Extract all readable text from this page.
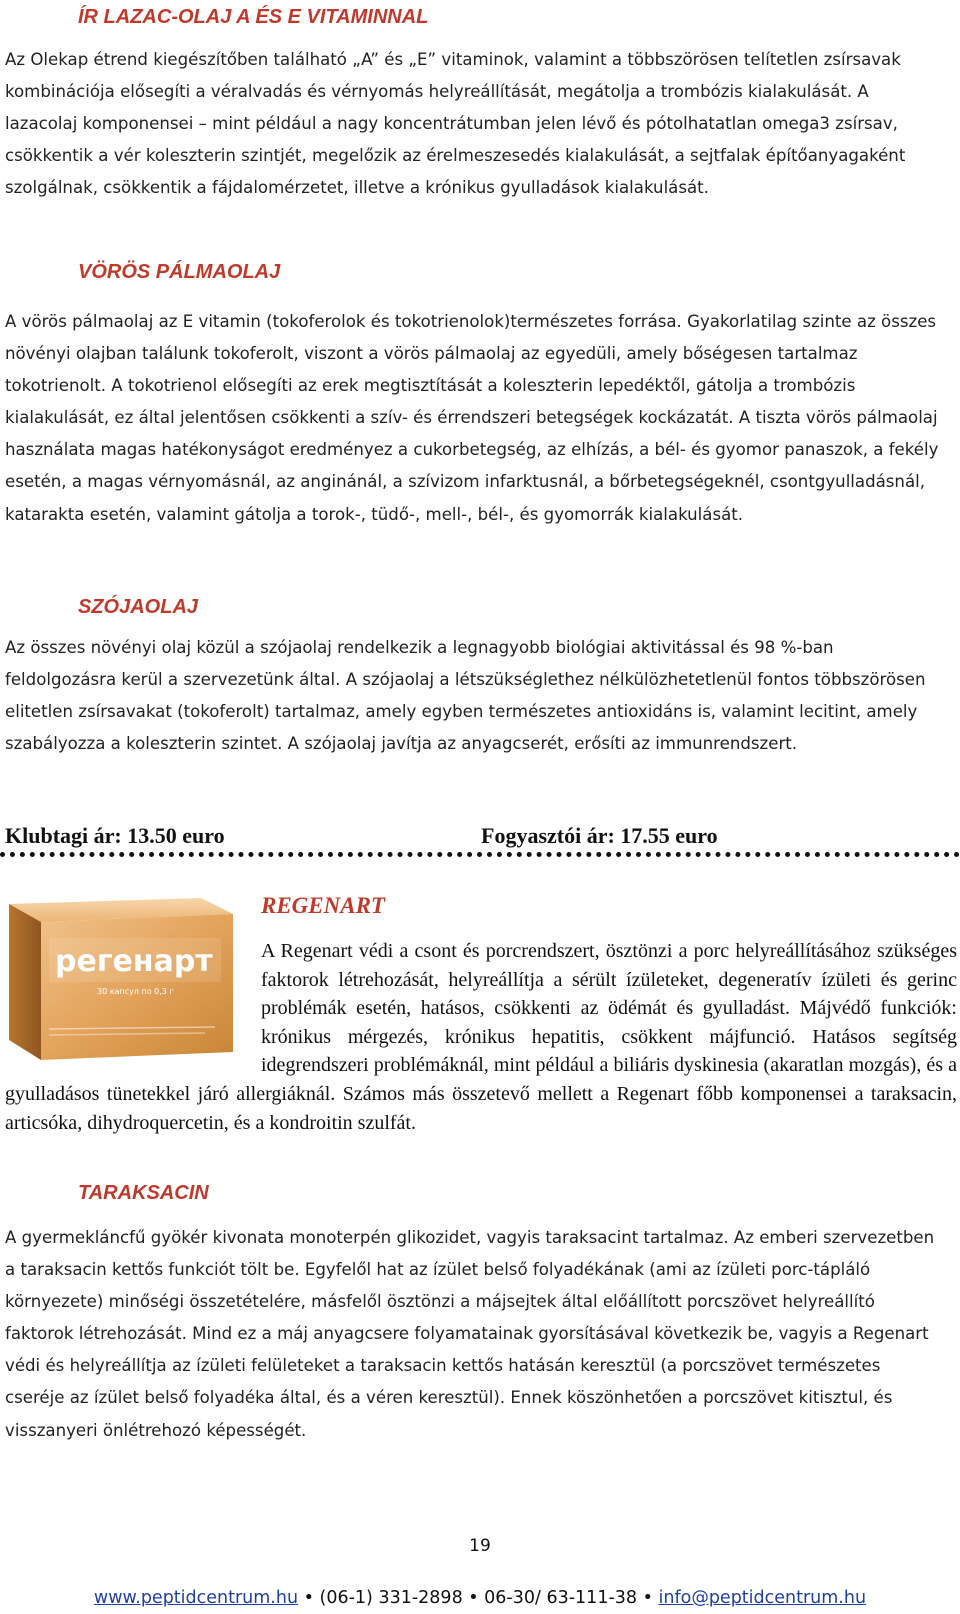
ÍR LAZAC-OLAJ A ÉS E VITAMINNAL

Az Olekap étrend kiegészítőben található „A” és „E” vitaminok, valamint a többszörösen telítetlen zsírsavak kombinációja elősegíti a véralvadás és vérnyomás helyreállítását, megátolja a trombózis kialakulását. A lazacolaj komponensei – mint például a nagy koncentrátumban jelen lévő és pótolhatatlan omega3 zsírsav, csökkentik a vér koleszterin szintjét, megelőzik az érelmeszesedés kialakulását, a sejtfalak építőanyagaként szolgálnak, csökkentik a fájdalomérzetet, illetve a krónikus gyulladások kialakulását.

VÖRÖS PÁLMAOLAJ

A vörös pálmaolaj az E vitamin (tokoferolok és tokotrienolok)természetes forrása. Gyakorlatilag szinte az összes növényi olajban találunk tokoferolt, viszont a vörös pálmaolaj az egyedüli, amely bőségesen tartalmaz tokotrienolt. A tokotrienol elősegíti az erek megtisztítását a koleszterin lepedéktől, gátolja a trombózis kialakulását, ez által jelentősen csökkenti a szív- és érrendszeri betegségek kockázatát. A tiszta vörös pálmaolaj használata magas hatékonyságot eredményez a cukorbetegség, az elhízás, a bél- és gyomor panaszok, a fekély esetén, a magas vérnyomásnál, az anginánál, a szívizom infarktusnál, a bőrbetegségeknél, csontgyulladásnál, katarakta esetén, valamint gátolja a torok-, tüdő-, mell-, bél-, és gyomorrák kialakulását.

SZÓJAOLAJ

Az összes növényi olaj közül a szójaolaj rendelkezik a legnagyobb biológiai aktivitással és 98 %-ban feldolgozásra kerül a szervezetünk által. A szójaolaj a létszükséglethez nélkülözhetetlenül fontos többszörösen elitetlen zsírsavakat (tokoferolt) tartalmaz, amely egyben természetes antioxidáns is, valamint lecitint, amely szabályozza a koleszterin szintet. A szójaolaj javítja az anyagcserét, erősíti az immunrendszert.

Klubtagi ár: 13.50 euro	Fogyasztói ár: 17.55 euro

регенарт
30 капсул по 0,3 г
REGENART
A Regenart védi a csont és porcrendszert, ösztönzi a porc helyreállításához szükséges faktorok létrehozását, helyreállítja a sérült ízületeket, degeneratív ízületi és gerinc problémák esetén, hatásos, csökkenti az ödémát és gyulladást. Májvédő funkciók: krónikus mérgezés, krónikus hepatitis, csökkent májfunció. Hatásos segítség idegrendszeri problémáknál, mint például a biliáris dyskinesia (akaratlan mozgás), és a gyulladásos tünetekkel járó allergiáknál. Számos más összetevő mellett a Regenart főbb komponensei a taraksacin, articsóka, dihydroquercetin, és a kondroitin szulfát.
TARAKSACIN

A gyermekláncfű gyökér kivonata monoterpén glikozidet, vagyis taraksacint tartalmaz. Az emberi szervezetben a taraksacin kettős funkciót tölt be. Egyfelől hat az ízület belső folyadékának (ami az ízületi porc-tápláló környezete) minőségi összetételére, másfelől ösztönzi a májsejtek által előállított porcszövet helyreállító faktorok létrehozását. Mind ez a máj anyagcsere folyamatainak gyorsításával következik be, vagyis a Regenart védi és helyreállítja az ízületi felületeket a taraksacin kettős hatásán keresztül (a porcszövet természetes cseréje az ízület belső folyadéka által, és a véren keresztül). Ennek köszönhetően a porcszövet kitisztul, és visszanyeri önlétrehozó képességét.

19

www.peptidcentrum.hu • (06-1) 331-2898 • 06-30/ 63-111-38 • info@peptidcentrum.hu
